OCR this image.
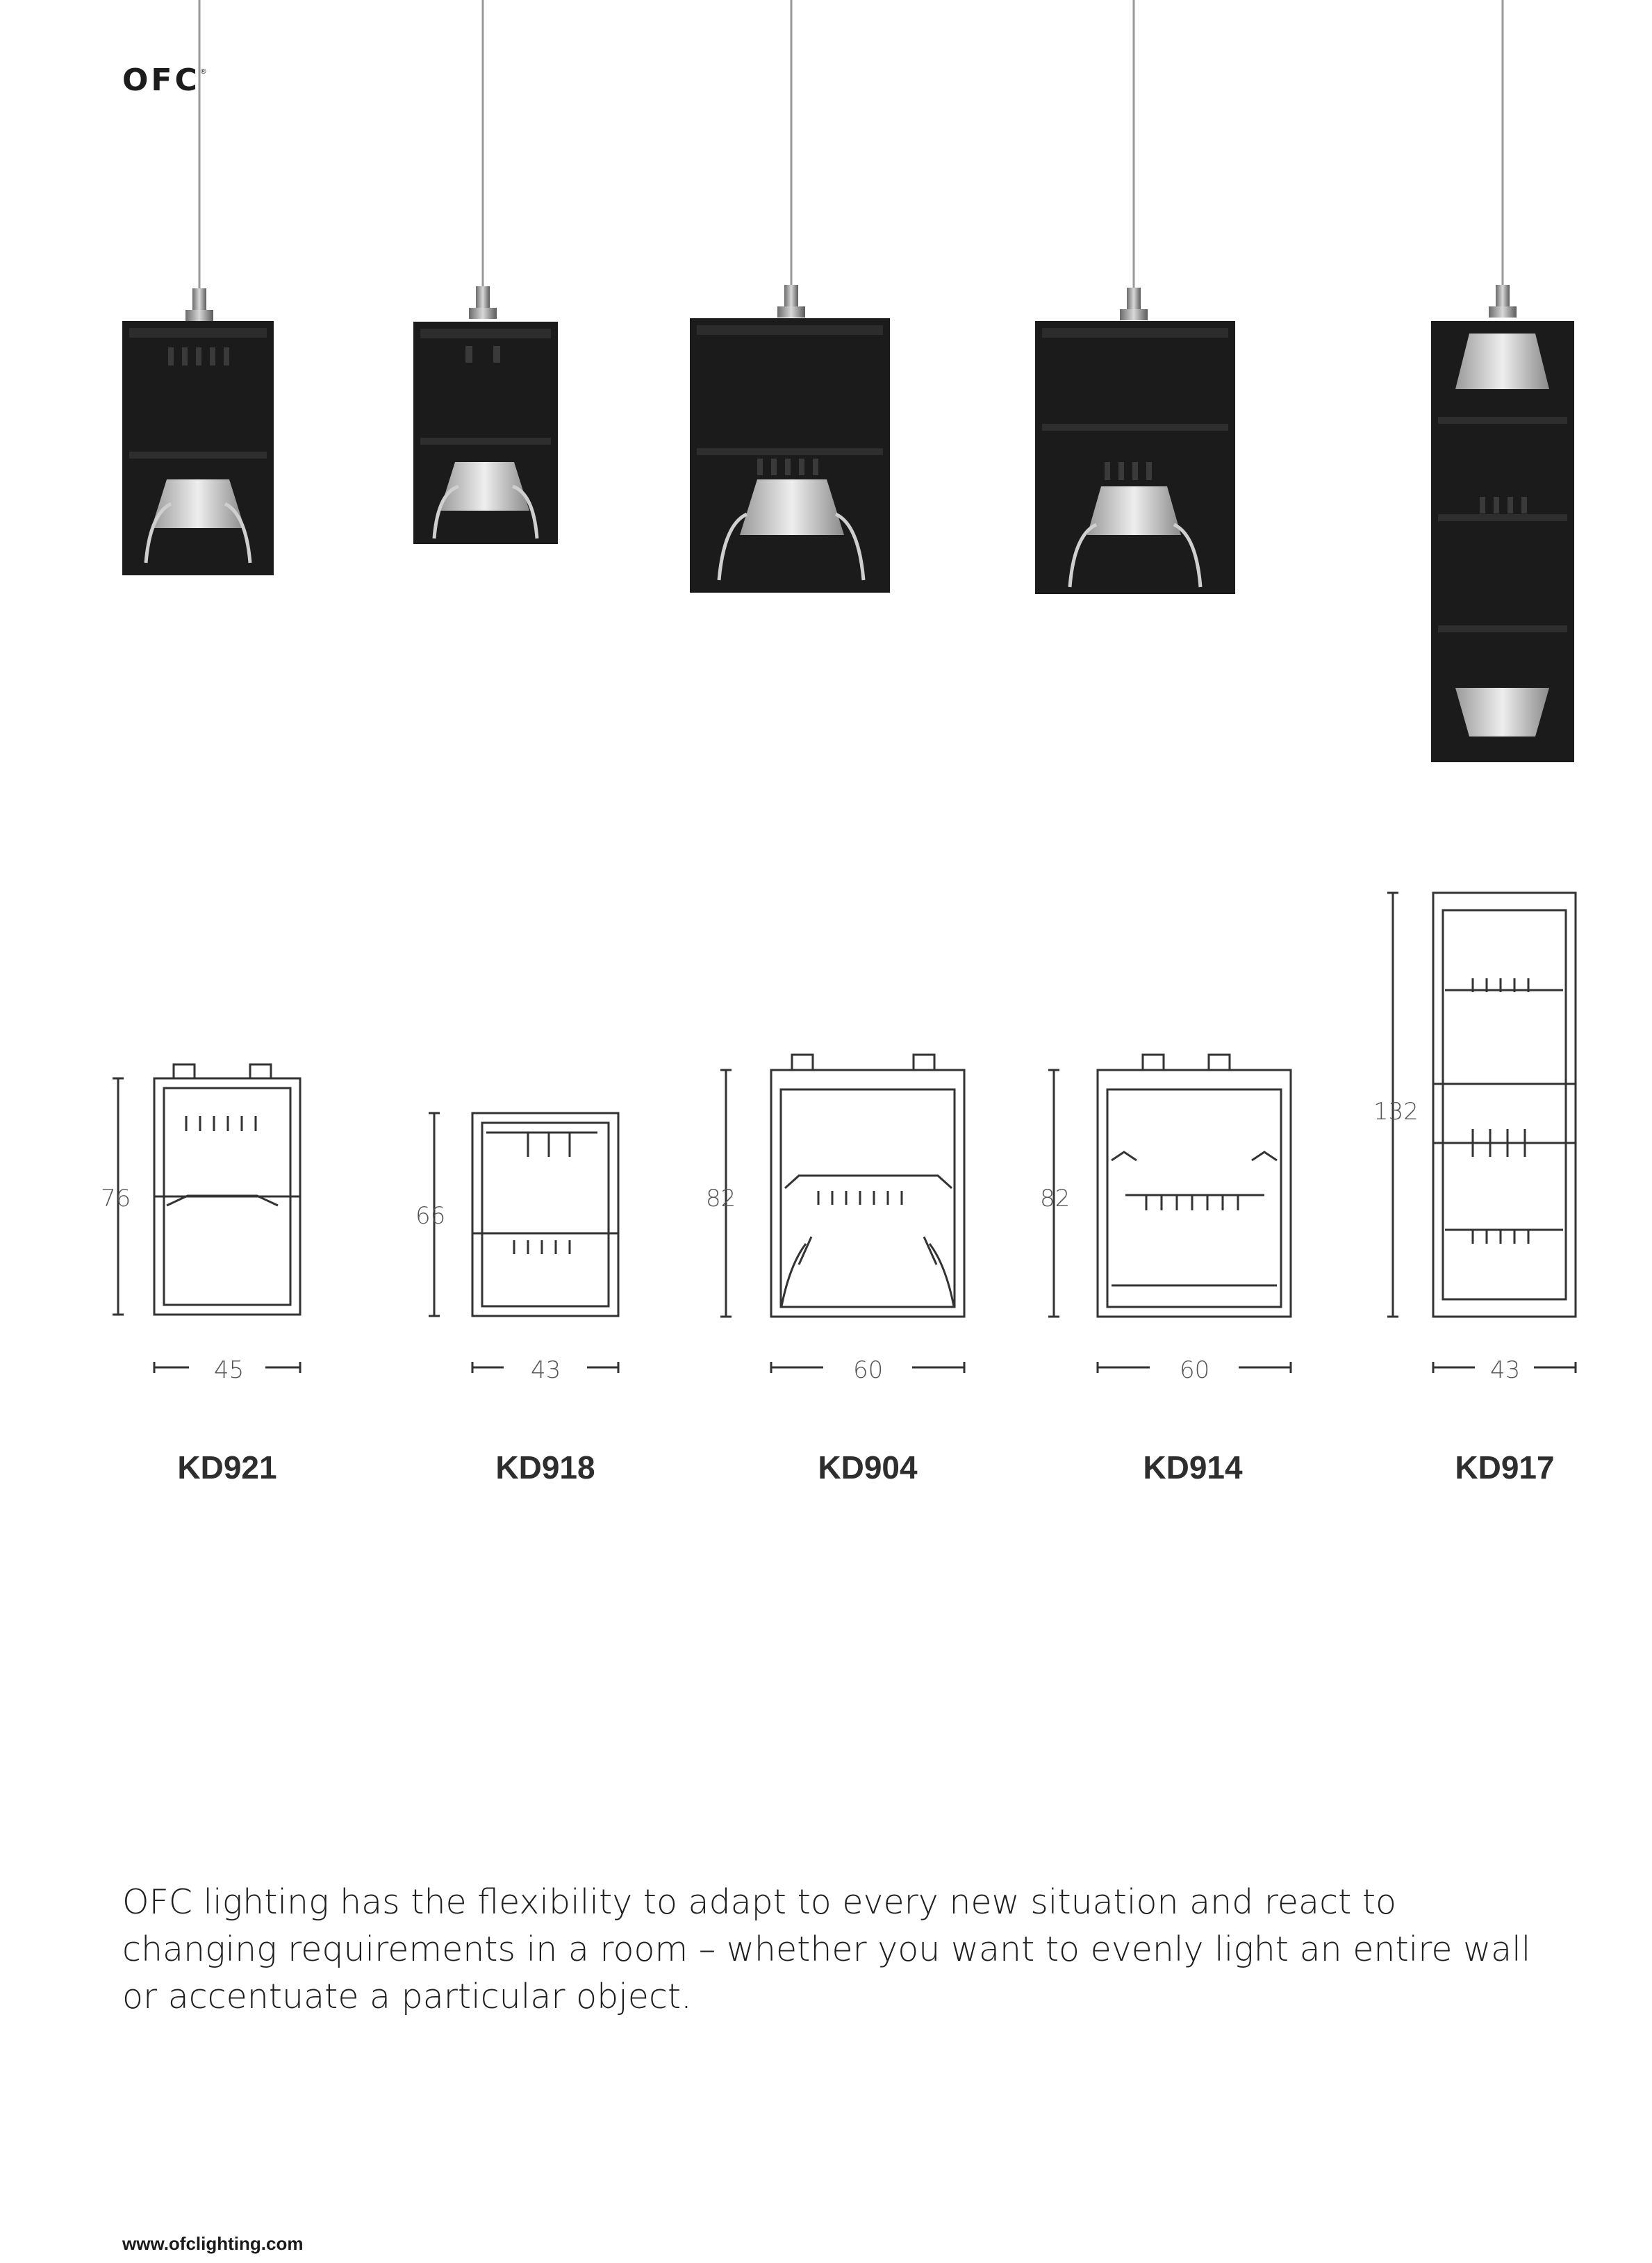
OFC®
76
45
66
43
82
60
82
60
132
43
KD921	KD918	KD904	KD914	KD917

OFC lighting has the flexibility to adapt to every new situation and react to changing requirements in a room – whether you want to evenly light an entire wall or accentuate a particular object.

www.ofclighting.com
